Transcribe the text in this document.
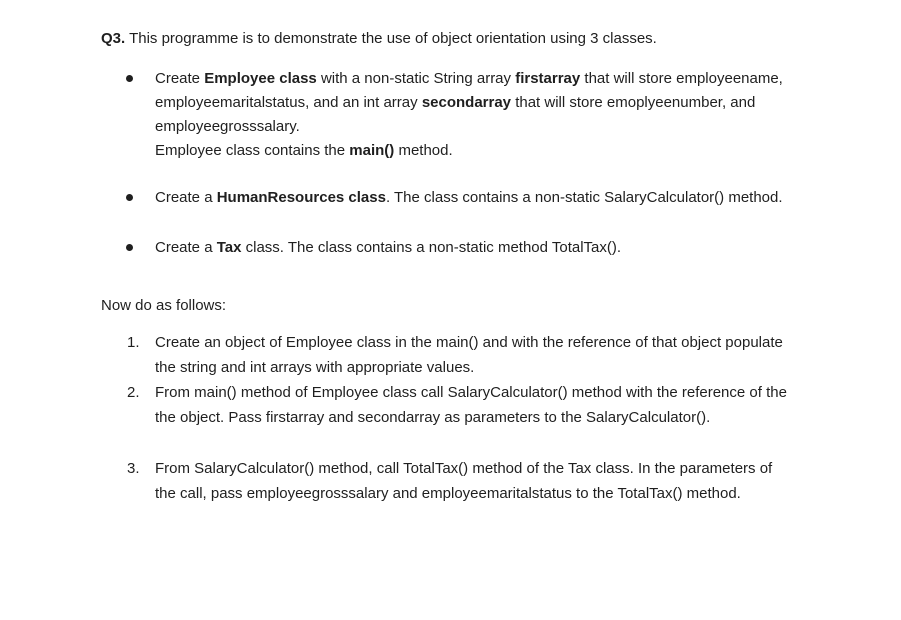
Q3. This programme is to demonstrate the use of object orientation using 3 classes.
Create Employee class with a non-static String array firstarray that will store employeename, employeemaritalstatus, and an int array secondarray that will store emoplyeenumber, and employeegrosssalary.
Employee class contains the main() method.
Create a HumanResources class. The class contains a non-static SalaryCalculator() method.
Create a Tax class. The class contains a non-static method TotalTax().
Now do as follows:
1.	Create an object of Employee class in the main() and with the reference of that object populate the string and int arrays with appropriate values.
2.	From main() method of Employee class call SalaryCalculator() method with the reference of the the object. Pass firstarray and secondarray as parameters to the SalaryCalculator().
3.	From SalaryCalculator() method, call TotalTax() method of the Tax class. In the parameters of the call, pass employeegrosssalary and employeemaritalstatus to the TotalTax() method.
